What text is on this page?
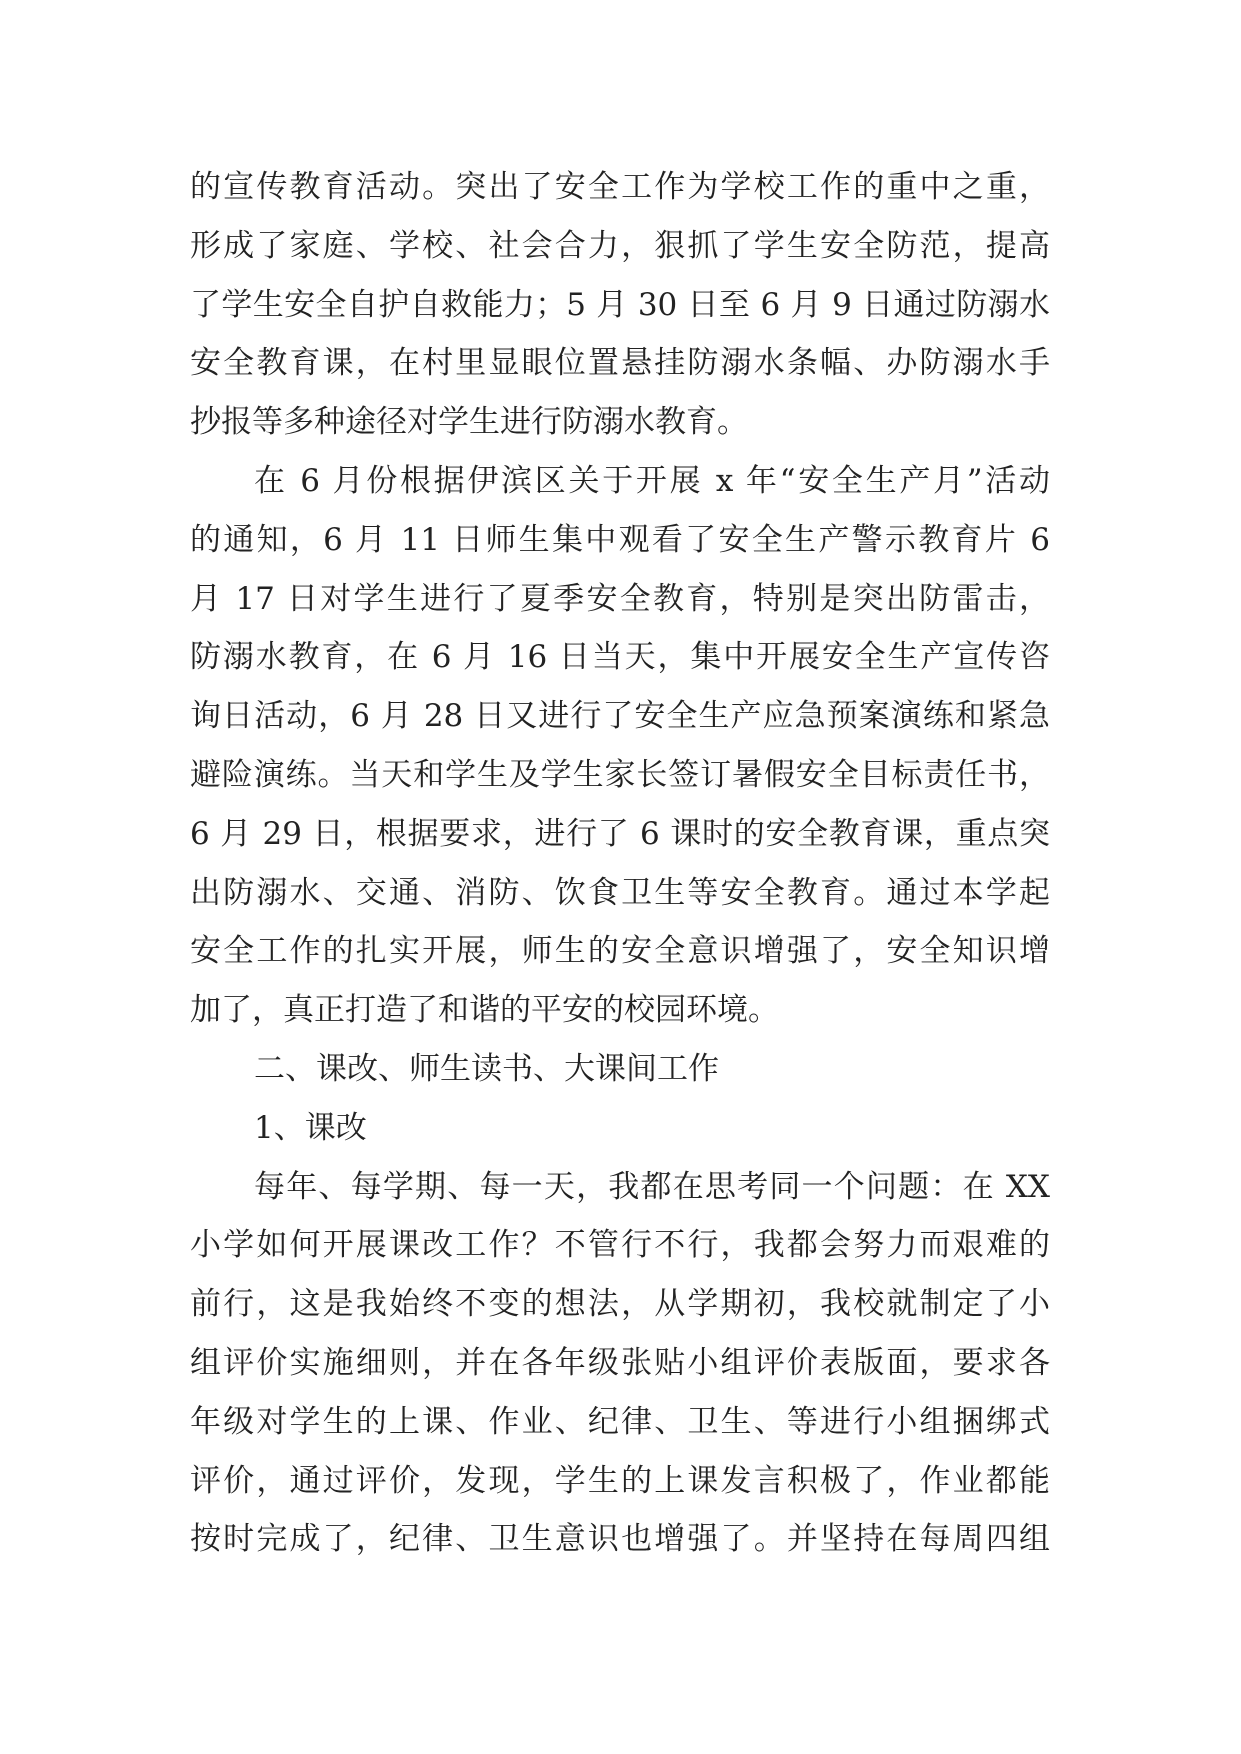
的宣传教育活动。突出了安全工作为学校工作的重中之重，
形成了家庭、学校、社会合力，狠抓了学生安全防范，提高
了学生安全自护自救能力；5 月 30 日至 6 月 9 日通过防溺水
安全教育课，在村里显眼位置悬挂防溺水条幅、办防溺水手
抄报等多种途径对学生进行防溺水教育。
在 6 月份根据伊滨区关于开展 x 年“安全生产月”活动
的通知，6 月 11 日师生集中观看了安全生产警示教育片 6
月 17 日对学生进行了夏季安全教育，特别是突出防雷击，
防溺水教育，在 6 月 16 日当天，集中开展安全生产宣传咨
询日活动，6 月 28 日又进行了安全生产应急预案演练和紧急
避险演练。当天和学生及学生家长签订暑假安全目标责任书，
6 月 29 日，根据要求，进行了 6 课时的安全教育课，重点突
出防溺水、交通、消防、饮食卫生等安全教育。通过本学起
安全工作的扎实开展，师生的安全意识增强了，安全知识增
加了，真正打造了和谐的平安的校园环境。
二、课改、师生读书、大课间工作
1、课改
每年、每学期、每一天，我都在思考同一个问题：在 XX
小学如何开展课改工作？不管行不行，我都会努力而艰难的
前行，这是我始终不变的想法，从学期初，我校就制定了小
组评价实施细则，并在各年级张贴小组评价表版面，要求各
年级对学生的上课、作业、纪律、卫生、等进行小组捆绑式
评价，通过评价，发现，学生的上课发言积极了，作业都能
按时完成了，纪律、卫生意识也增强了。并坚持在每周四组
